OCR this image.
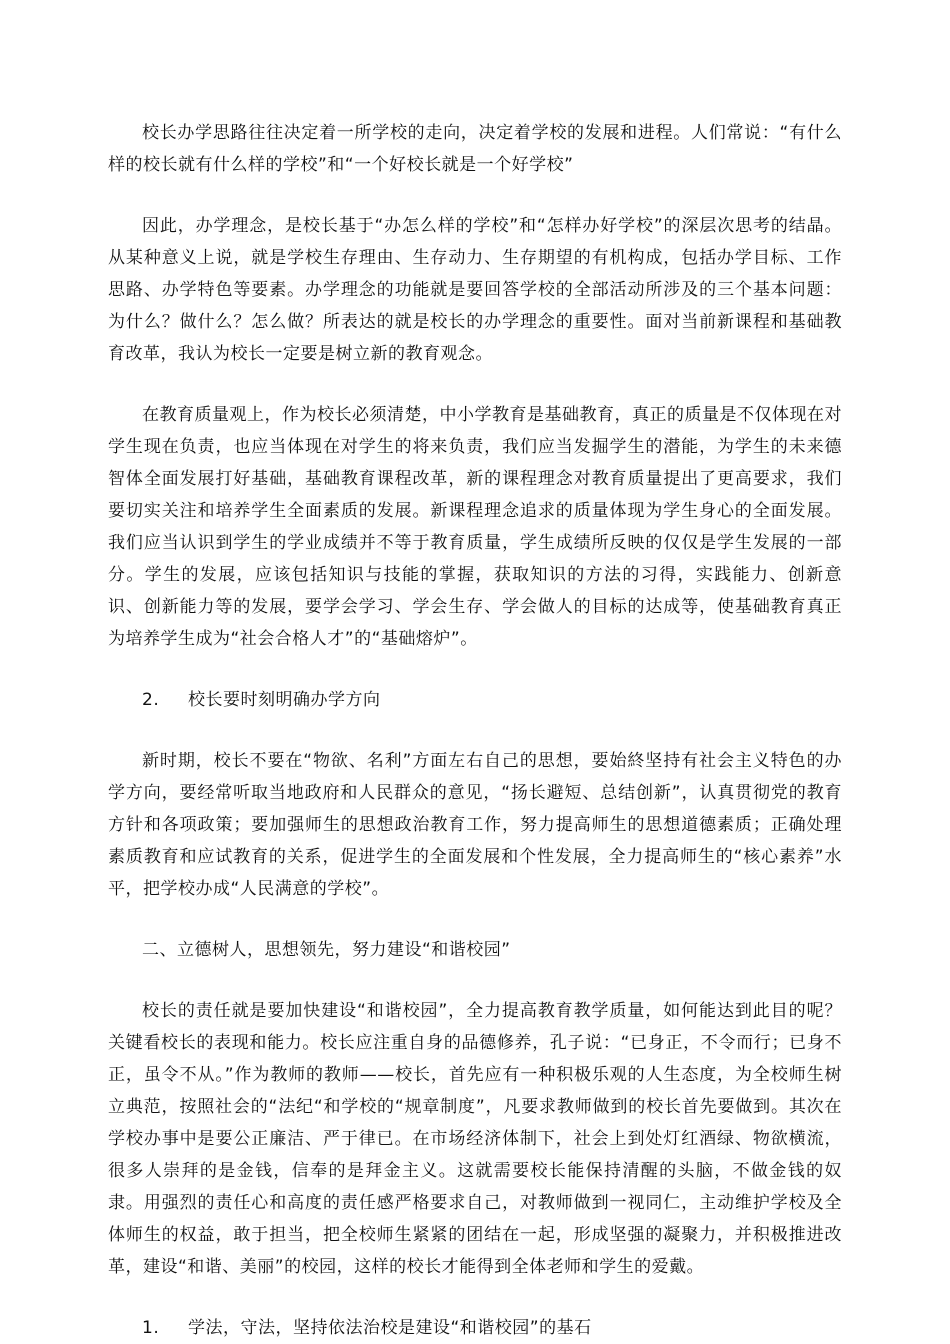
校长办学思路往往决定着一所学校的走向，决定着学校的发展和进程。人们常说：“有什么样的校长就有什么样的学校”和“一个好校长就是一个好学校”

因此，办学理念，是校长基于“办怎么样的学校”和“怎样办好学校”的深层次思考的结晶。从某种意义上说，就是学校生存理由、生存动力、生存期望的有机构成，包括办学目标、工作思路、办学特色等要素。办学理念的功能就是要回答学校的全部活动所涉及的三个基本问题：为什么？做什么？怎么做？所表达的就是校长的办学理念的重要性。面对当前新课程和基础教育改革，我认为校长一定要是树立新的教育观念。

在教育质量观上，作为校长必须清楚，中小学教育是基础教育，真正的质量是不仅体现在对学生现在负责，也应当体现在对学生的将来负责，我们应当发掘学生的潜能，为学生的未来德智体全面发展打好基础，基础教育课程改革，新的课程理念对教育质量提出了更高要求，我们要切实关注和培养学生全面素质的发展。新课程理念追求的质量体现为学生身心的全面发展。我们应当认识到学生的学业成绩并不等于教育质量，学生成绩所反映的仅仅是学生发展的一部分。学生的发展，应该包括知识与技能的掌握，获取知识的方法的习得，实践能力、创新意识、创新能力等的发展，要学会学习、学会生存、学会做人的目标的达成等，使基础教育真正为培养学生成为“社会合格人才”的“基础熔炉”。

2.	校长要时刻明确办学方向

新时期，校长不要在“物欲、名利”方面左右自己的思想，要始終坚持有社会主义特色的办学方向，要经常听取当地政府和人民群众的意见，“扬长避短、总结创新”，认真贯彻党的教育方针和各项政策；要加强师生的思想政治教育工作，努力提高师生的思想道德素质；正确处理素质教育和应试教育的关系，促进学生的全面发展和个性发展，全力提高师生的“核心素养”水平，把学校办成“人民满意的学校”。

二、立德树人，思想领先，努力建设“和谐校园”

校长的责任就是要加快建设“和谐校园”，全力提高教育教学质量，如何能达到此目的呢？关键看校长的表现和能力。校长应注重自身的品德修养，孔子说：“已身正，不令而行；已身不正，虽令不从。”作为教师的教师——校长，首先应有一种积极乐观的人生态度，为全校师生树立典范，按照社会的“法纪“和学校的“规章制度”，凡要求教师做到的校长首先要做到。其次在学校办事中是要公正廉洁、严于律已。在市场经济体制下，社会上到处灯红酒绿、物欲横流，很多人崇拜的是金钱，信奉的是拜金主义。这就需要校长能保持清醒的头脑，不做金钱的奴隶。用强烈的责任心和高度的责任感严格要求自己，对教师做到一视同仁，主动维护学校及全体师生的权益，敢于担当，把全校师生紧紧的团结在一起，形成坚强的凝聚力，并积极推进改革，建设“和谐、美丽”的校园，这样的校长才能得到全体老师和学生的爱戴。

1.	学法，守法，坚持依法治校是建设“和谐校园”的基石
